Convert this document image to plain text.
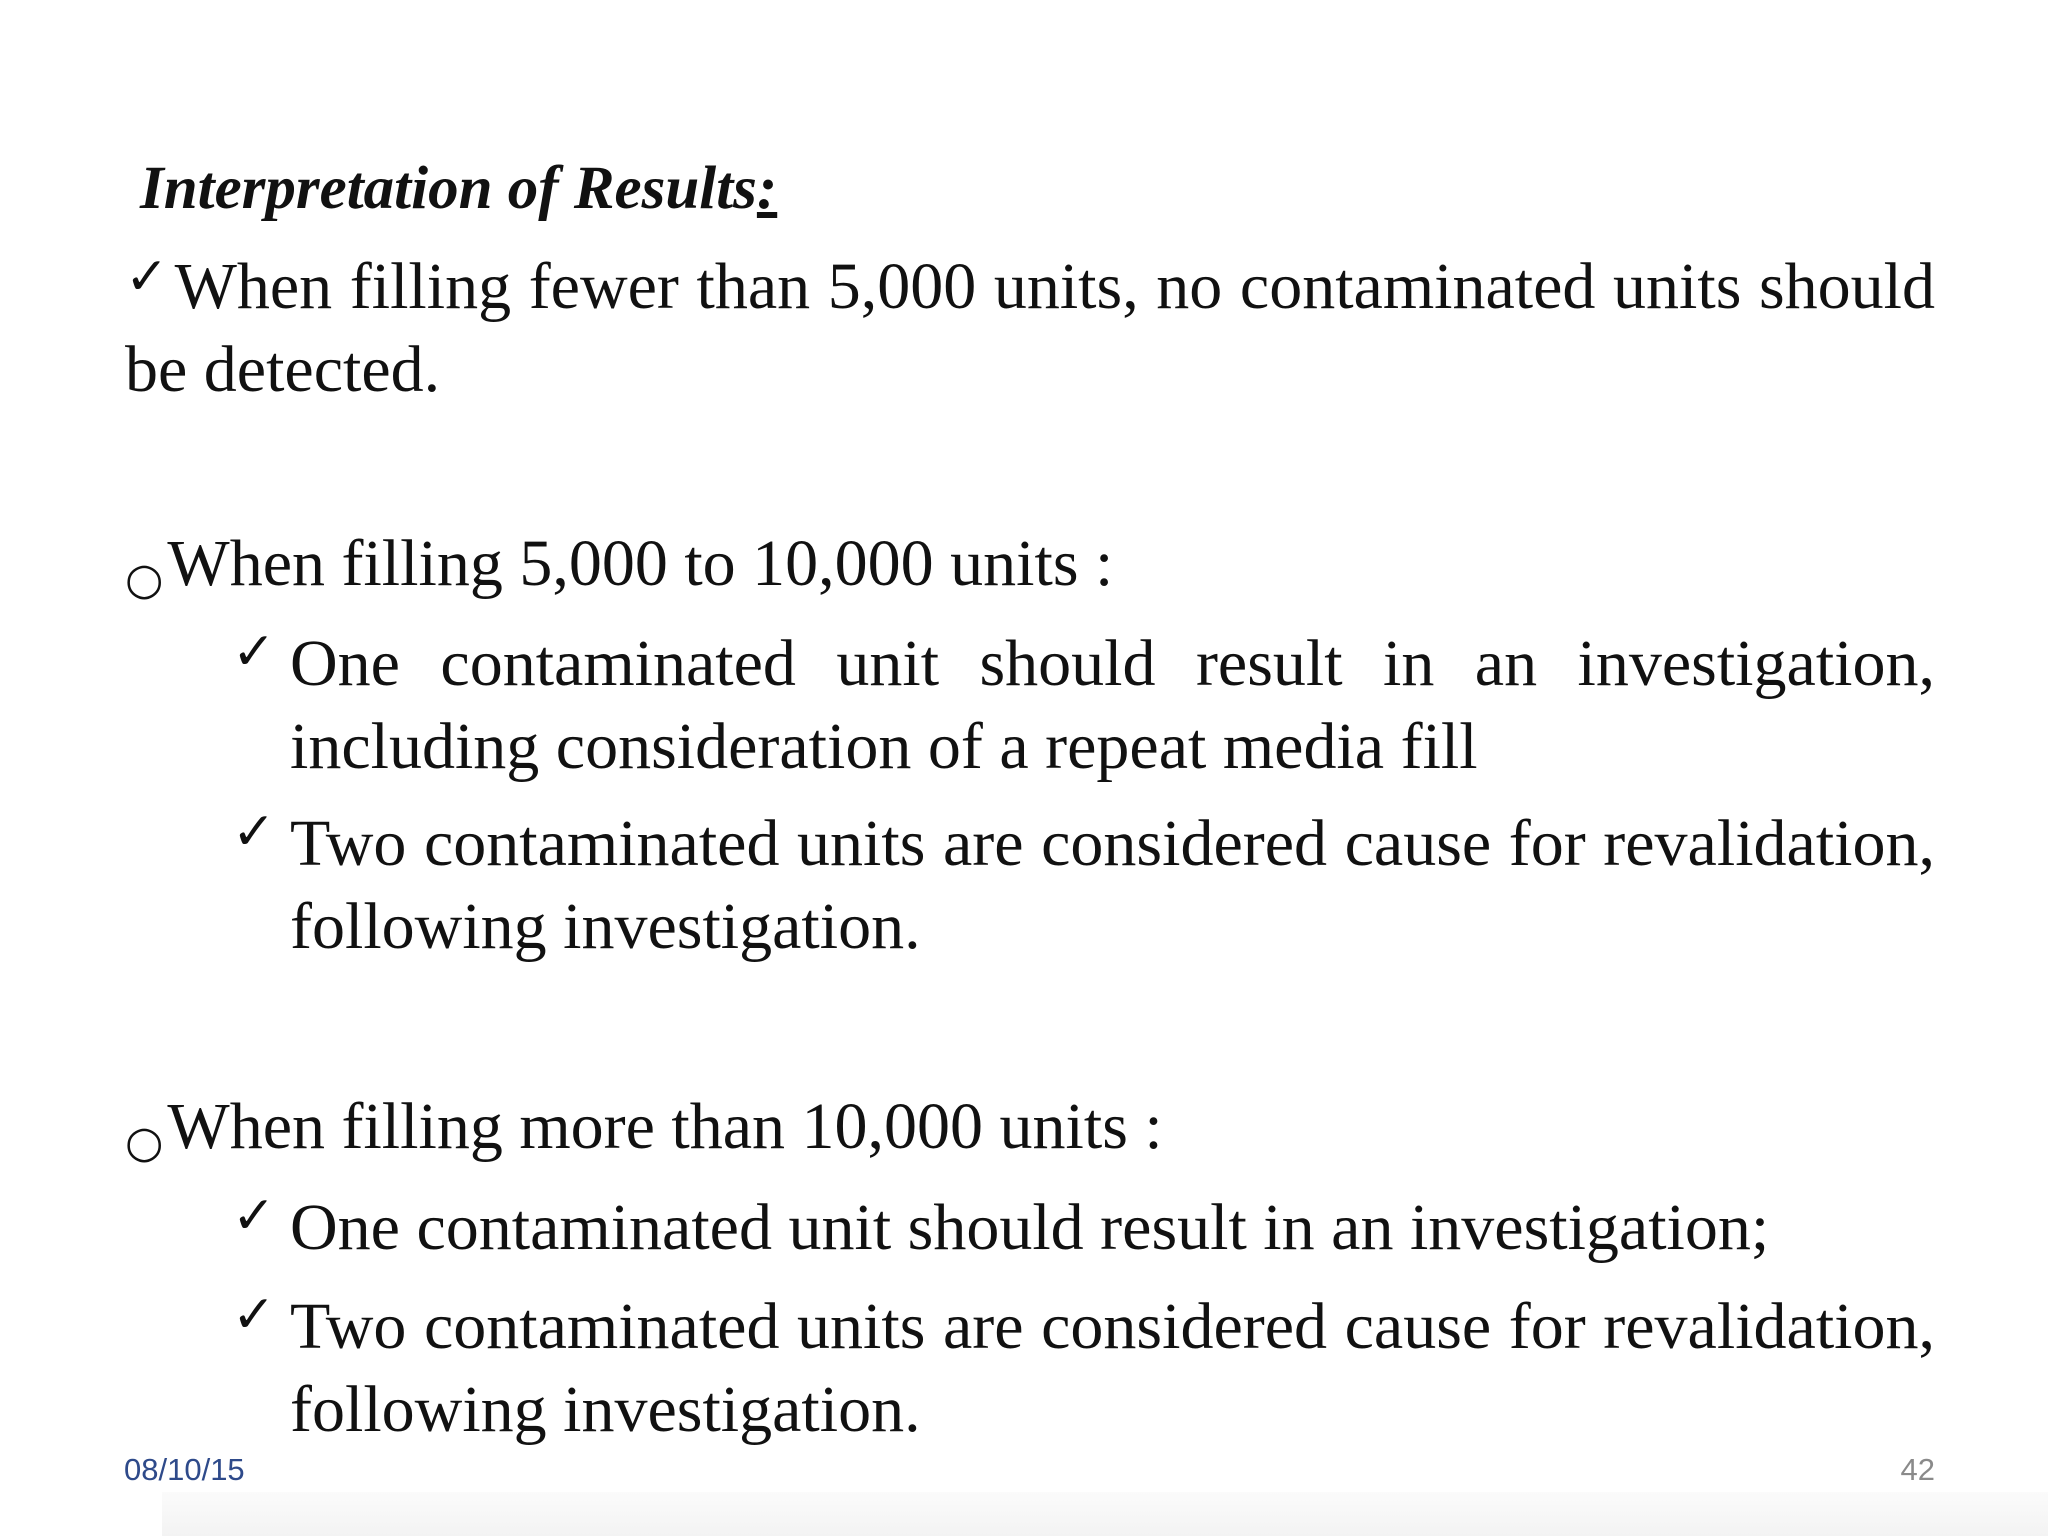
Interpretation of Results:
✓When filling fewer than 5,000 units, no contaminated units should be detected.
○When filling 5,000 to 10,000 units :
✓ One contaminated unit should result in an investigation, including consideration of a repeat media fill
✓ Two contaminated units are considered cause for revalidation, following investigation.
○When filling more than 10,000 units :
✓ One contaminated unit should result in an investigation;
✓ Two contaminated units are considered cause for revalidation, following investigation.
08/10/15	42
